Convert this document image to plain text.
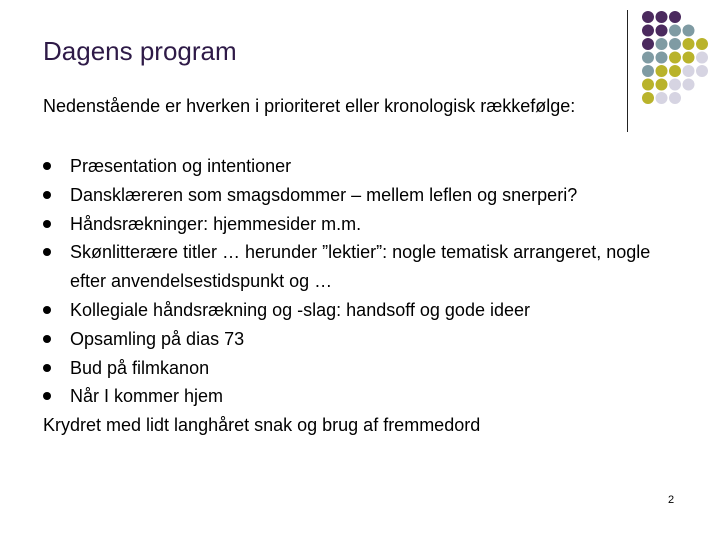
Dagens program
Nedenstående er hverken i prioriteret eller kronologisk rækkefølge:
Præsentation og intentioner
Dansklæreren som smagsdommer – mellem leflen og snerperi?
Håndsrækninger: hjemmesider m.m.
Skønlitterære titler … herunder ”lektier”: nogle tematisk arrangeret, nogle efter anvendelsestidspunkt og …
Kollegiale håndsrækning og -slag: handsoff og gode ideer
Opsamling på dias 73
Bud på filmkanon
Når I kommer hjem
Krydret med lidt langhåret snak og brug af fremmedord
2
